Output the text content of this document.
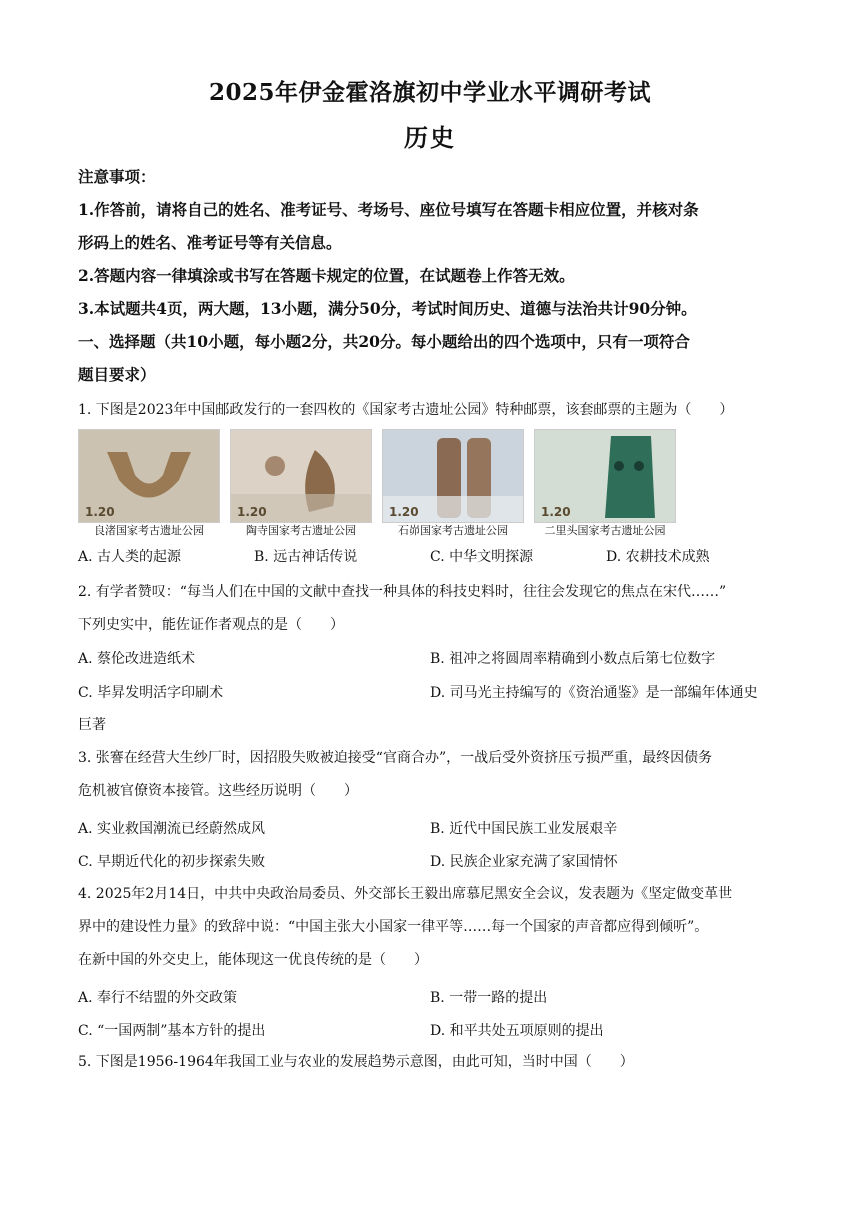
2025年伊金霍洛旗初中学业水平调研考试
历史

注意事项：

1.作答前，请将自己的姓名、准考证号、考场号、座位号填写在答题卡相应位置，并核对条

形码上的姓名、准考证号等有关信息。

2.答题内容一律填涂或书写在答题卡规定的位置，在试题卷上作答无效。

3.本试题共4页，两大题，13小题，满分50分，考试时间历史、道德与法治共计90分钟。

一、选择题（共10小题，每小题2分，共20分。每小题给出的四个选项中，只有一项符合

题目要求）

1. 下图是2023年中国邮政发行的一套四枚的《国家考古遗址公园》特种邮票，该套邮票的主题为（　　）

1.20
良渚国家考古遗址公园
1.20
陶寺国家考古遗址公园
1.20
石峁国家考古遗址公园
1.20
二里头国家考古遗址公园
A. 古人类的起源	B. 远古神话传说	C. 中华文明探源	D. 农耕技术成熟

2. 有学者赞叹：“每当人们在中国的文献中查找一种具体的科技史料时，往往会发现它的焦点在宋代……”

下列史实中，能佐证作者观点的是（　　）

A. 蔡伦改进造纸术	B. 祖冲之将圆周率精确到小数点后第七位数字
C. 毕昇发明活字印刷术	D. 司马光主持编写的《资治通鉴》是一部编年体通史
巨著

3. 张謇在经营大生纱厂时，因招股失败被迫接受“官商合办”，一战后受外资挤压亏损严重，最终因债务

危机被官僚资本接管。这些经历说明（　　）

A. 实业救国潮流已经蔚然成风	B. 近代中国民族工业发展艰辛
C. 早期近代化的初步探索失败	D. 民族企业家充满了家国情怀

4. 2025年2月14日，中共中央政治局委员、外交部长王毅出席慕尼黑安全会议，发表题为《坚定做变革世

界中的建设性力量》的致辞中说：“中国主张大小国家一律平等……每一个国家的声音都应得到倾听”。

在新中国的外交史上，能体现这一优良传统的是（　　）

A. 奉行不结盟的外交政策	B. 一带一路的提出
C. “一国两制”基本方针的提出	D. 和平共处五项原则的提出

5. 下图是1956-1964年我国工业与农业的发展趋势示意图，由此可知，当时中国（　　）
